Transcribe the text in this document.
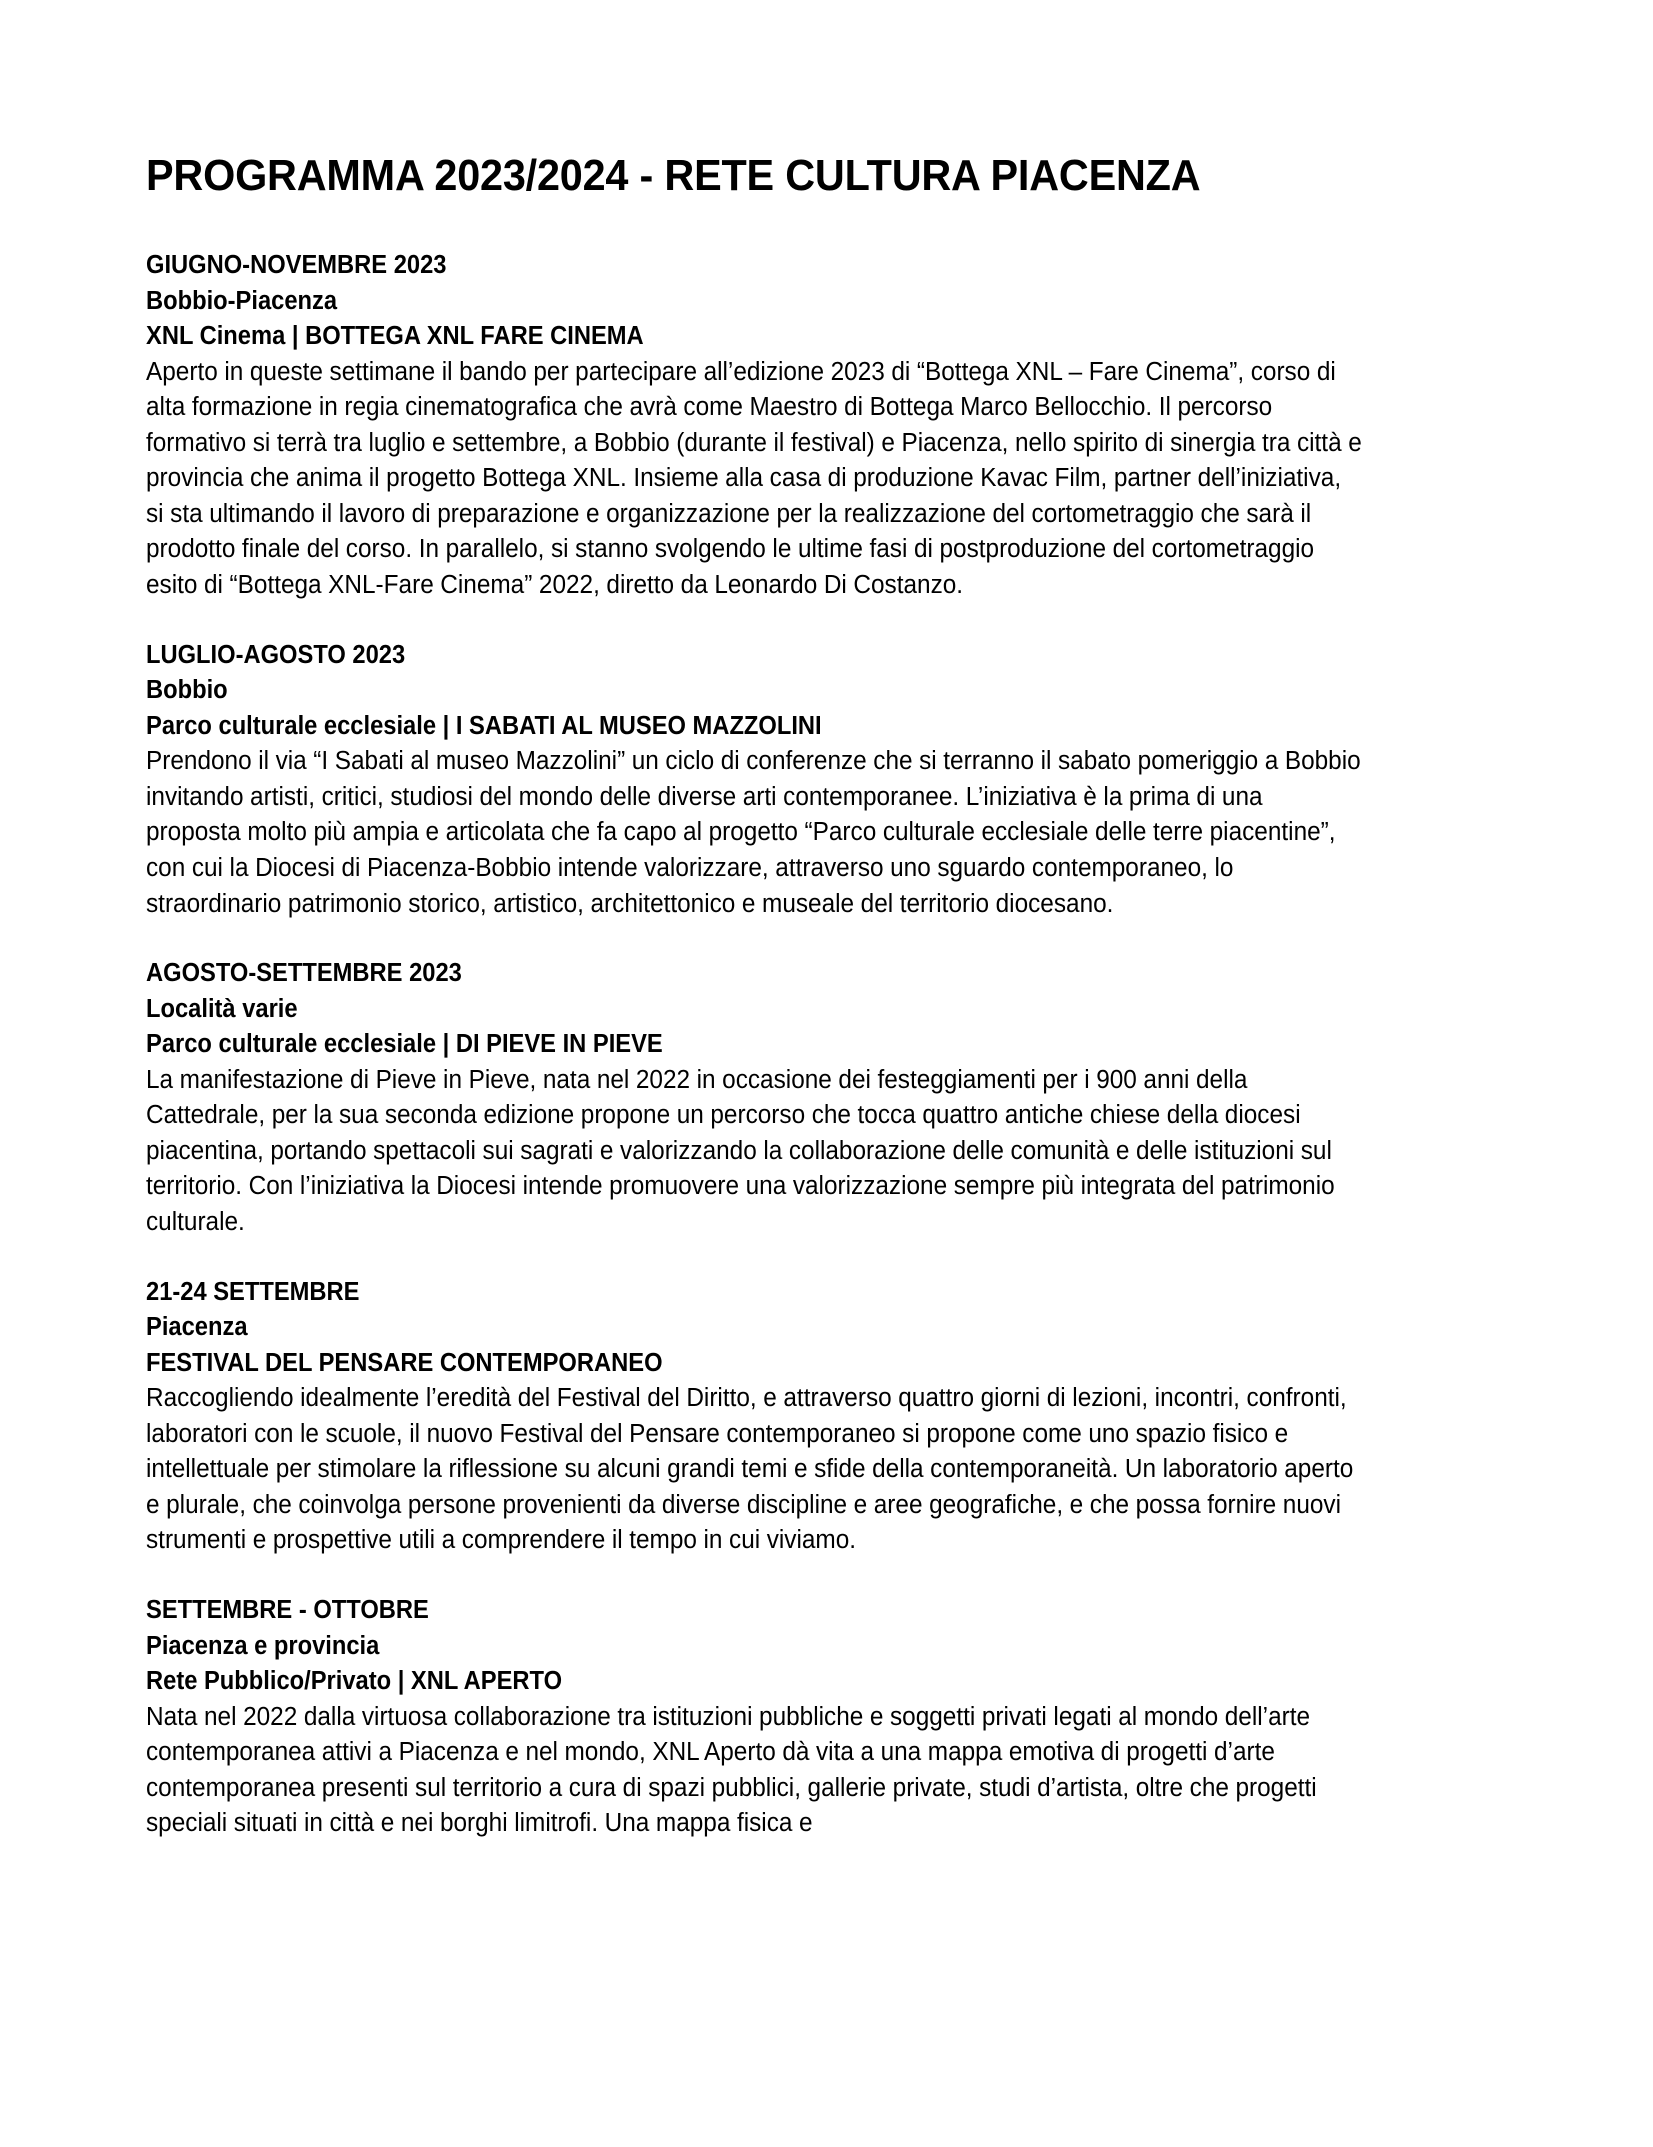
PROGRAMMA 2023/2024 - RETE CULTURA PIACENZA
GIUGNO-NOVEMBRE 2023
Bobbio-Piacenza
XNL Cinema | BOTTEGA XNL FARE CINEMA

Aperto in queste settimane il bando per partecipare all’edizione 2023 di “Bottega XNL – Fare Cinema”, corso di alta formazione in regia cinematografica che avrà come Maestro di Bottega Marco Bellocchio. Il percorso formativo si terrà tra luglio e settembre, a Bobbio (durante il festival) e Piacenza, nello spirito di sinergia tra città e provincia che anima il progetto Bottega XNL. Insieme alla casa di produzione Kavac Film, partner dell’iniziativa, si sta ultimando il lavoro di preparazione e organizzazione per la realizzazione del cortometraggio che sarà il prodotto finale del corso. In parallelo, si stanno svolgendo le ultime fasi di postproduzione del cortometraggio esito di “Bottega XNL-Fare Cinema” 2022, diretto da Leonardo Di Costanzo.

LUGLIO-AGOSTO 2023
Bobbio
Parco culturale ecclesiale | I SABATI AL MUSEO MAZZOLINI

Prendono il via “I Sabati al museo Mazzolini” un ciclo di conferenze che si terranno il sabato pomeriggio a Bobbio invitando artisti, critici, studiosi del mondo delle diverse arti contemporanee. L’iniziativa è la prima di una proposta molto più ampia e articolata che fa capo al progetto “Parco culturale ecclesiale delle terre piacentine”, con cui la Diocesi di Piacenza-Bobbio intende valorizzare, attraverso uno sguardo contemporaneo, lo straordinario patrimonio storico, artistico, architettonico e museale del territorio diocesano.

AGOSTO-SETTEMBRE 2023
Località varie
Parco culturale ecclesiale | DI PIEVE IN PIEVE

La manifestazione di Pieve in Pieve, nata nel 2022 in occasione dei festeggiamenti per i 900 anni della Cattedrale, per la sua seconda edizione propone un percorso che tocca quattro antiche chiese della diocesi piacentina, portando spettacoli sui sagrati e valorizzando la collaborazione delle comunità e delle istituzioni sul territorio. Con l’iniziativa la Diocesi intende promuovere una valorizzazione sempre più integrata del patrimonio culturale.

21-24 SETTEMBRE
Piacenza
FESTIVAL DEL PENSARE CONTEMPORANEO

Raccogliendo idealmente l’eredità del Festival del Diritto, e attraverso quattro giorni di lezioni, incontri, confronti, laboratori con le scuole, il nuovo Festival del Pensare contemporaneo si propone come uno spazio fisico e intellettuale per stimolare la riflessione su alcuni grandi temi e sfide della contemporaneità. Un laboratorio aperto e plurale, che coinvolga persone provenienti da diverse discipline e aree geografiche, e che possa fornire nuovi strumenti e prospettive utili a comprendere il tempo in cui viviamo.

SETTEMBRE - OTTOBRE
Piacenza e provincia
Rete Pubblico/Privato | XNL APERTO

Nata nel 2022 dalla virtuosa collaborazione tra istituzioni pubbliche e soggetti privati legati al mondo dell’arte contemporanea attivi a Piacenza e nel mondo, XNL Aperto dà vita a una mappa emotiva di progetti d’arte contemporanea presenti sul territorio a cura di spazi pubblici, gallerie private, studi d’artista, oltre che progetti speciali situati in città e nei borghi limitrofi. Una mappa fisica e
